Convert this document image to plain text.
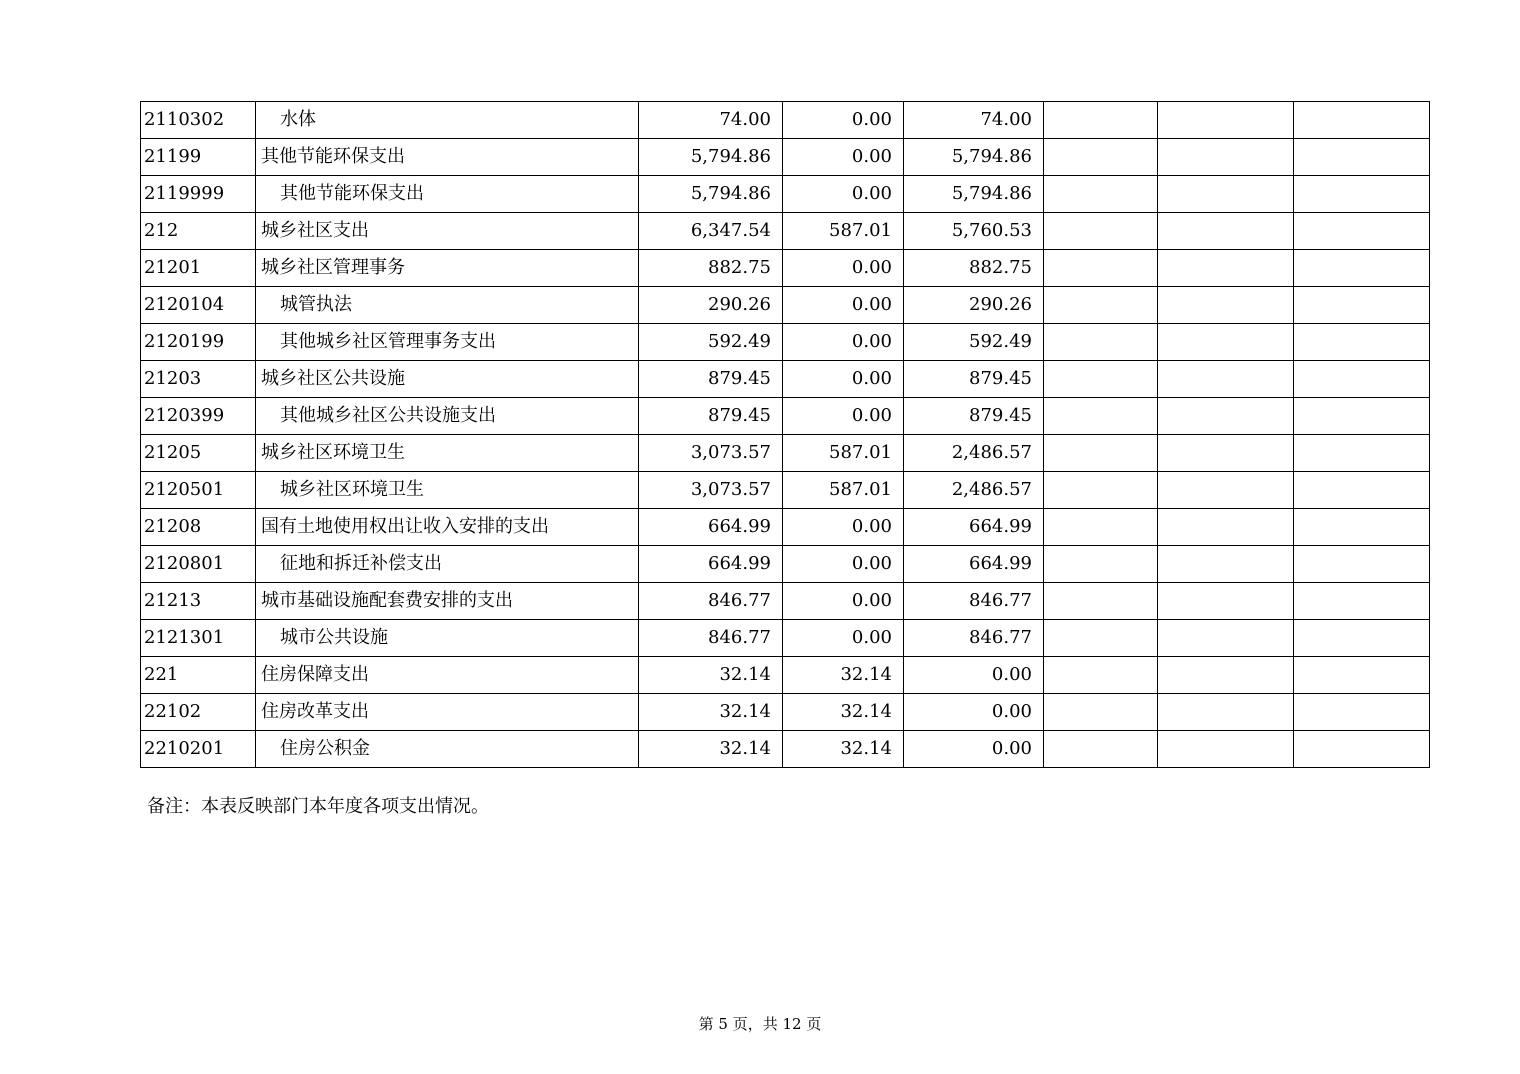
2110302	水体	74.00	0.00	74.00			
21199	其他节能环保支出	5,794.86	0.00	5,794.86			
2119999	其他节能环保支出	5,794.86	0.00	5,794.86			
212	城乡社区支出	6,347.54	587.01	5,760.53			
21201	城乡社区管理事务	882.75	0.00	882.75			
2120104	城管执法	290.26	0.00	290.26			
2120199	其他城乡社区管理事务支出	592.49	0.00	592.49			
21203	城乡社区公共设施	879.45	0.00	879.45			
2120399	其他城乡社区公共设施支出	879.45	0.00	879.45			
21205	城乡社区环境卫生	3,073.57	587.01	2,486.57			
2120501	城乡社区环境卫生	3,073.57	587.01	2,486.57			
21208	国有土地使用权出让收入安排的支出	664.99	0.00	664.99			
2120801	征地和拆迁补偿支出	664.99	0.00	664.99			
21213	城市基础设施配套费安排的支出	846.77	0.00	846.77			
2121301	城市公共设施	846.77	0.00	846.77			
221	住房保障支出	32.14	32.14	0.00			
22102	住房改革支出	32.14	32.14	0.00			
2210201	住房公积金	32.14	32.14	0.00			
备注：本表反映部门本年度各项支出情况。
第 5 页，共 12 页
